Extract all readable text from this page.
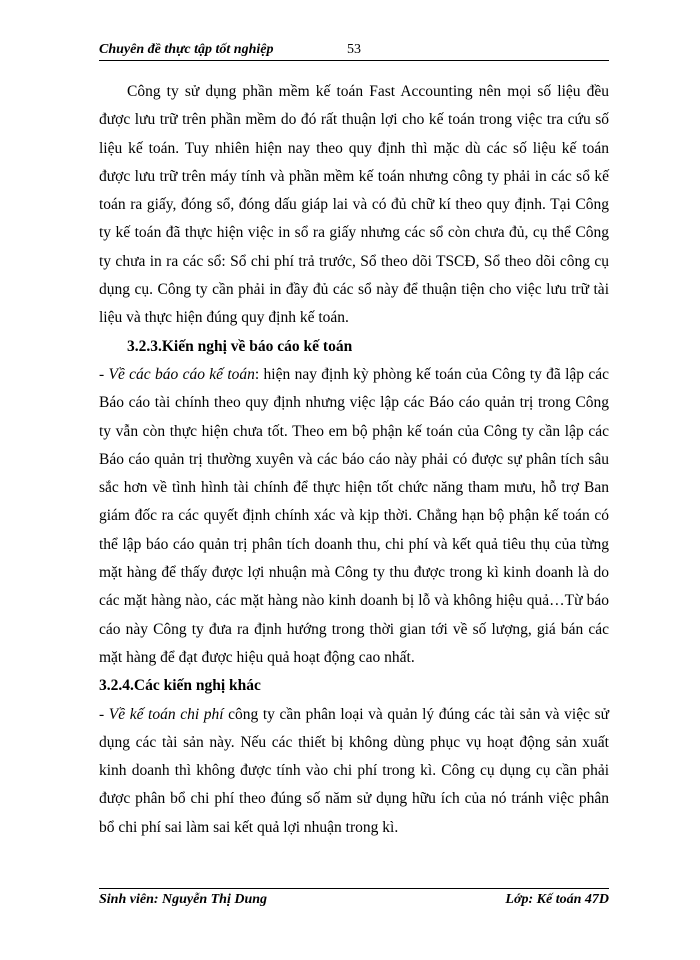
Chuyên đề thực tập tốt nghiệp	53

Công ty sử dụng phần mềm kế toán Fast Accounting nên mọi số liệu đều được lưu trữ trên phần mềm do đó rất thuận lợi cho kế toán trong việc tra cứu số liệu kế toán. Tuy nhiên hiện nay theo quy định thì mặc dù các số liệu kế toán được lưu trữ trên máy tính và phần mềm kế toán nhưng công ty phải in các sổ kế toán ra giấy, đóng sổ, đóng dấu giáp lai và có đủ chữ kí theo quy định. Tại Công ty kế toán đã thực hiện việc in sổ ra giấy nhưng các sổ còn chưa đủ, cụ thể Công ty chưa in ra các sổ: Sổ chi phí trả trước, Sổ theo dõi TSCĐ, Sổ theo dõi công cụ dụng cụ. Công ty cần phải in đầy đủ các sổ này để thuận tiện cho việc lưu trữ tài liệu và thực hiện đúng quy định kế toán.

3.2.3.Kiến nghị về báo cáo kế toán

- Về các báo cáo kế toán: hiện nay định kỳ phòng kế toán của Công ty đã lập các Báo cáo tài chính theo quy định nhưng việc lập các Báo cáo quản trị trong Công ty vẫn còn thực hiện chưa tốt. Theo em bộ phận kế toán của Công ty cần lập các Báo cáo quản trị thường xuyên và các báo cáo này phải có được sự phân tích sâu sắc hơn về tình hình tài chính để thực hiện tốt chức năng tham mưu, hỗ trợ Ban giám đốc ra các quyết định chính xác và kịp thời. Chẳng hạn bộ phận kế toán có thể lập báo cáo quản trị phân tích doanh thu, chi phí và kết quả tiêu thụ của từng mặt hàng để thấy được lợi nhuận mà Công ty thu được trong kì kinh doanh là do các mặt hàng nào, các mặt hàng nào kinh doanh bị lỗ và không hiệu quả…Từ báo cáo này Công ty đưa ra định hướng trong thời gian tới về số lượng, giá bán các mặt hàng để đạt được hiệu quả hoạt động cao nhất.

3.2.4.Các kiến nghị khác

- Về kế toán chi phí công ty cần phân loại và quản lý đúng các tài sản và việc sử dụng các tài sản này. Nếu các thiết bị không dùng phục vụ hoạt động sản xuất kinh doanh thì không được tính vào chi phí trong kì. Công cụ dụng cụ cần phải được phân bổ chi phí theo đúng số năm sử dụng hữu ích của nó tránh việc phân bổ chi phí sai làm sai kết quả lợi nhuận trong kì.

Sinh viên: Nguyễn Thị Dung	Lớp: Kế toán 47D
